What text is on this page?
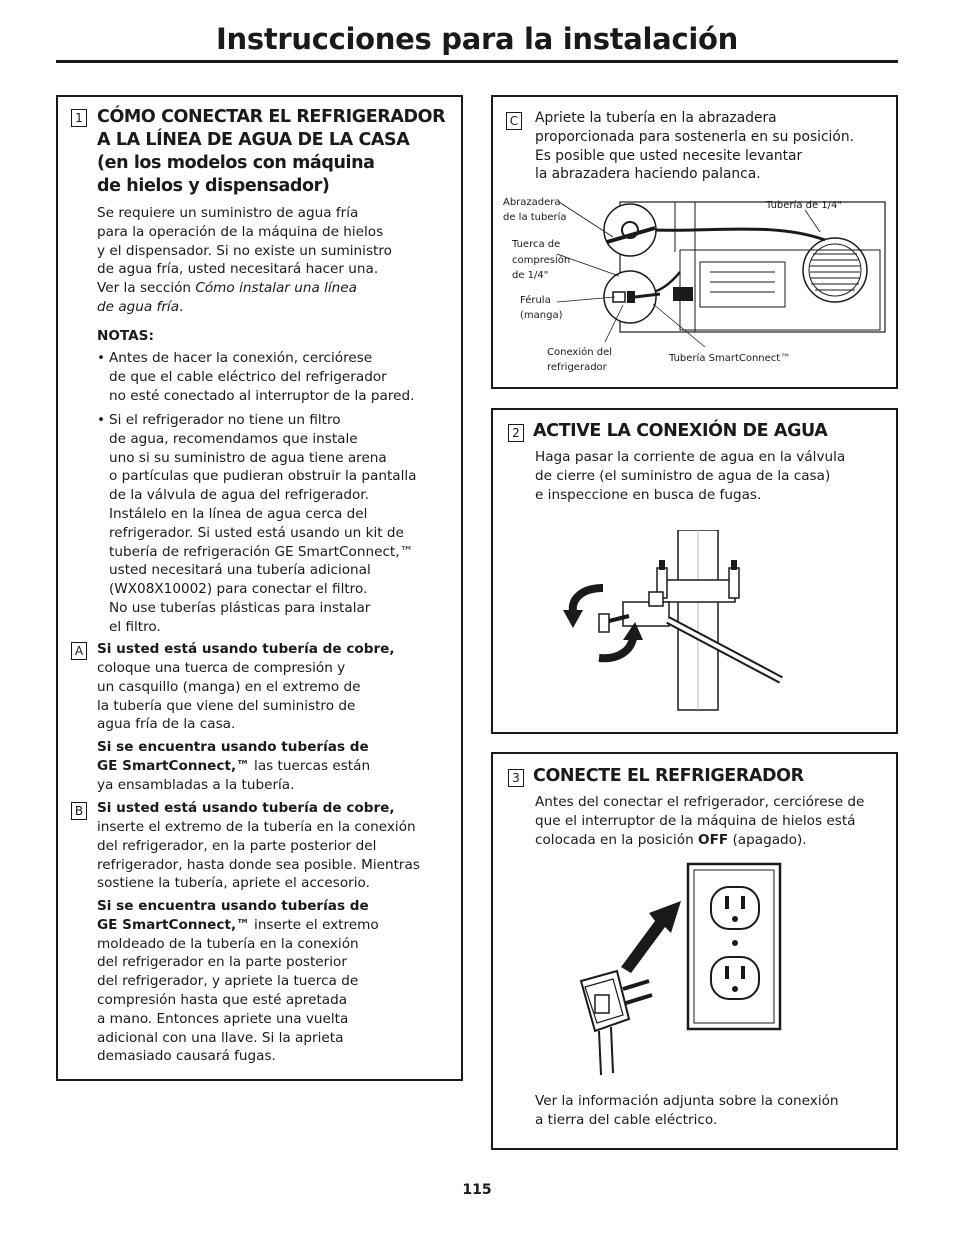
Instrucciones para la instalación
1 CÓMO CONECTAR EL REFRIGERADOR
A LA LÍNEA DE AGUA DE LA CASA
(en los modelos con máquina
de hielos y dispensador)
Se requiere un suministro de agua fría
para la operación de la máquina de hielos
y el dispensador. Si no existe un suministro
de agua fría, usted necesitará hacer una.
Ver la sección Cómo instalar una línea
de agua fría.
NOTAS:
• Antes de hacer la conexión, cerciórese
de que el cable eléctrico del refrigerador
no esté conectado al interruptor de la pared.
• Si el refrigerador no tiene un filtro
de agua, recomendamos que instale
uno si su suministro de agua tiene arena
o partículas que pudieran obstruir la pantalla
de la válvula de agua del refrigerador.
Instálelo en la línea de agua cerca del
refrigerador. Si usted está usando un kit de
tubería de refrigeración GE SmartConnect,™
usted necesitará una tubería adicional
(WX08X10002) para conectar el filtro.
No use tuberías plásticas para instalar
el filtro.
A Si usted está usando tubería de cobre,
coloque una tuerca de compresión y
un casquillo (manga) en el extremo de
la tubería que viene del suministro de
agua fría de la casa.
Si se encuentra usando tuberías de
GE SmartConnect,™ las tuercas están
ya ensambladas a la tubería.
B Si usted está usando tubería de cobre,
inserte el extremo de la tubería en la conexión
del refrigerador, en la parte posterior del
refrigerador, hasta donde sea posible. Mientras
sostiene la tubería, apriete el accesorio.
Si se encuentra usando tuberías de
GE SmartConnect,™ inserte el extremo
moldeado de la tubería en la conexión
del refrigerador en la parte posterior
del refrigerador, y apriete la tuerca de
compresión hasta que esté apretada
a mano. Entonces apriete una vuelta
adicional con una llave. Si la aprieta
demasiado causará fugas.
C Apriete la tubería en la abrazadera
proporcionada para sostenerla en su posición.
Es posible que usted necesite levantar
la abrazadera haciendo palanca.
Abrazadera
de la tubería
Tuerca de
compresión
de 1/4"
Férula
(manga)
Conexión del
refrigerador
Tubería de 1/4"
Tubería SmartConnect™
2 ACTIVE LA CONEXIÓN DE AGUA
Haga pasar la corriente de agua en la válvula
de cierre (el suministro de agua de la casa)
e inspeccione en busca de fugas.
3 CONECTE EL REFRIGERADOR
Antes del conectar el refrigerador, cerciórese de
que el interruptor de la máquina de hielos está
colocada en la posición OFF (apagado).
Ver la información adjunta sobre la conexión
a tierra del cable eléctrico.
115
